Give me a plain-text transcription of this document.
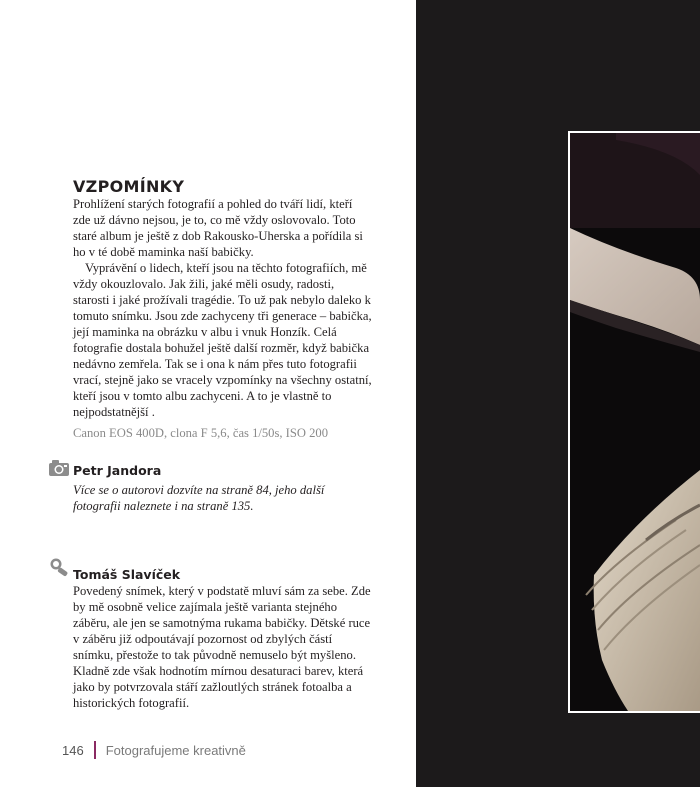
VZPOMÍNKY

Prohlížení starých fotografií a pohled do tváří lidí, kteří zde už dávno nejsou, je to, co mě vždy oslovovalo. Toto staré album je ještě z dob Rakousko-Uherska a pořídila si ho v té době maminka naší babičky.

Vyprávění o lidech, kteří jsou na těchto fotografiích, mě vždy okouzlovalo. Jak žili, jaké měli osudy, radosti, starosti i jaké prožívali tragédie. To už pak nebylo daleko k tomuto snímku. Jsou zde zachyceny tři generace – babička, její maminka na obrázku v albu i vnuk Honzík. Celá fotografie dostala bohužel ještě další rozměr, když babička nedávno zemřela. Tak se i ona k nám přes tuto fotografii vrací, stejně jako se vracely vzpomínky na všechny ostatní, kteří jsou v tomto albu zachyceni. A to je vlastně to nejpodstatnější .

Canon EOS 400D, clona F 5,6, čas 1/50s, ISO 200

Petr Jandora

Více se o autorovi dozvíte na straně 84, jeho další fotografii naleznete i na straně 135.

Tomáš Slavíček

Povedený snímek, který v podstatě mluví sám za sebe. Zde by mě osobně velice zajímala ještě varianta stejného záběru, ale jen se samotnýma rukama babičky. Dětské ruce v záběru již odpoutávají pozornost od zbylých částí snímku, přestože to tak původně nemuselo být myšleno. Kladně zde však hodnotím mírnou desaturaci barev, která jako by potvrzovala stáří zažloutlých stránek fotoalba a historických fotografií.

146 Fotografujeme kreativně
